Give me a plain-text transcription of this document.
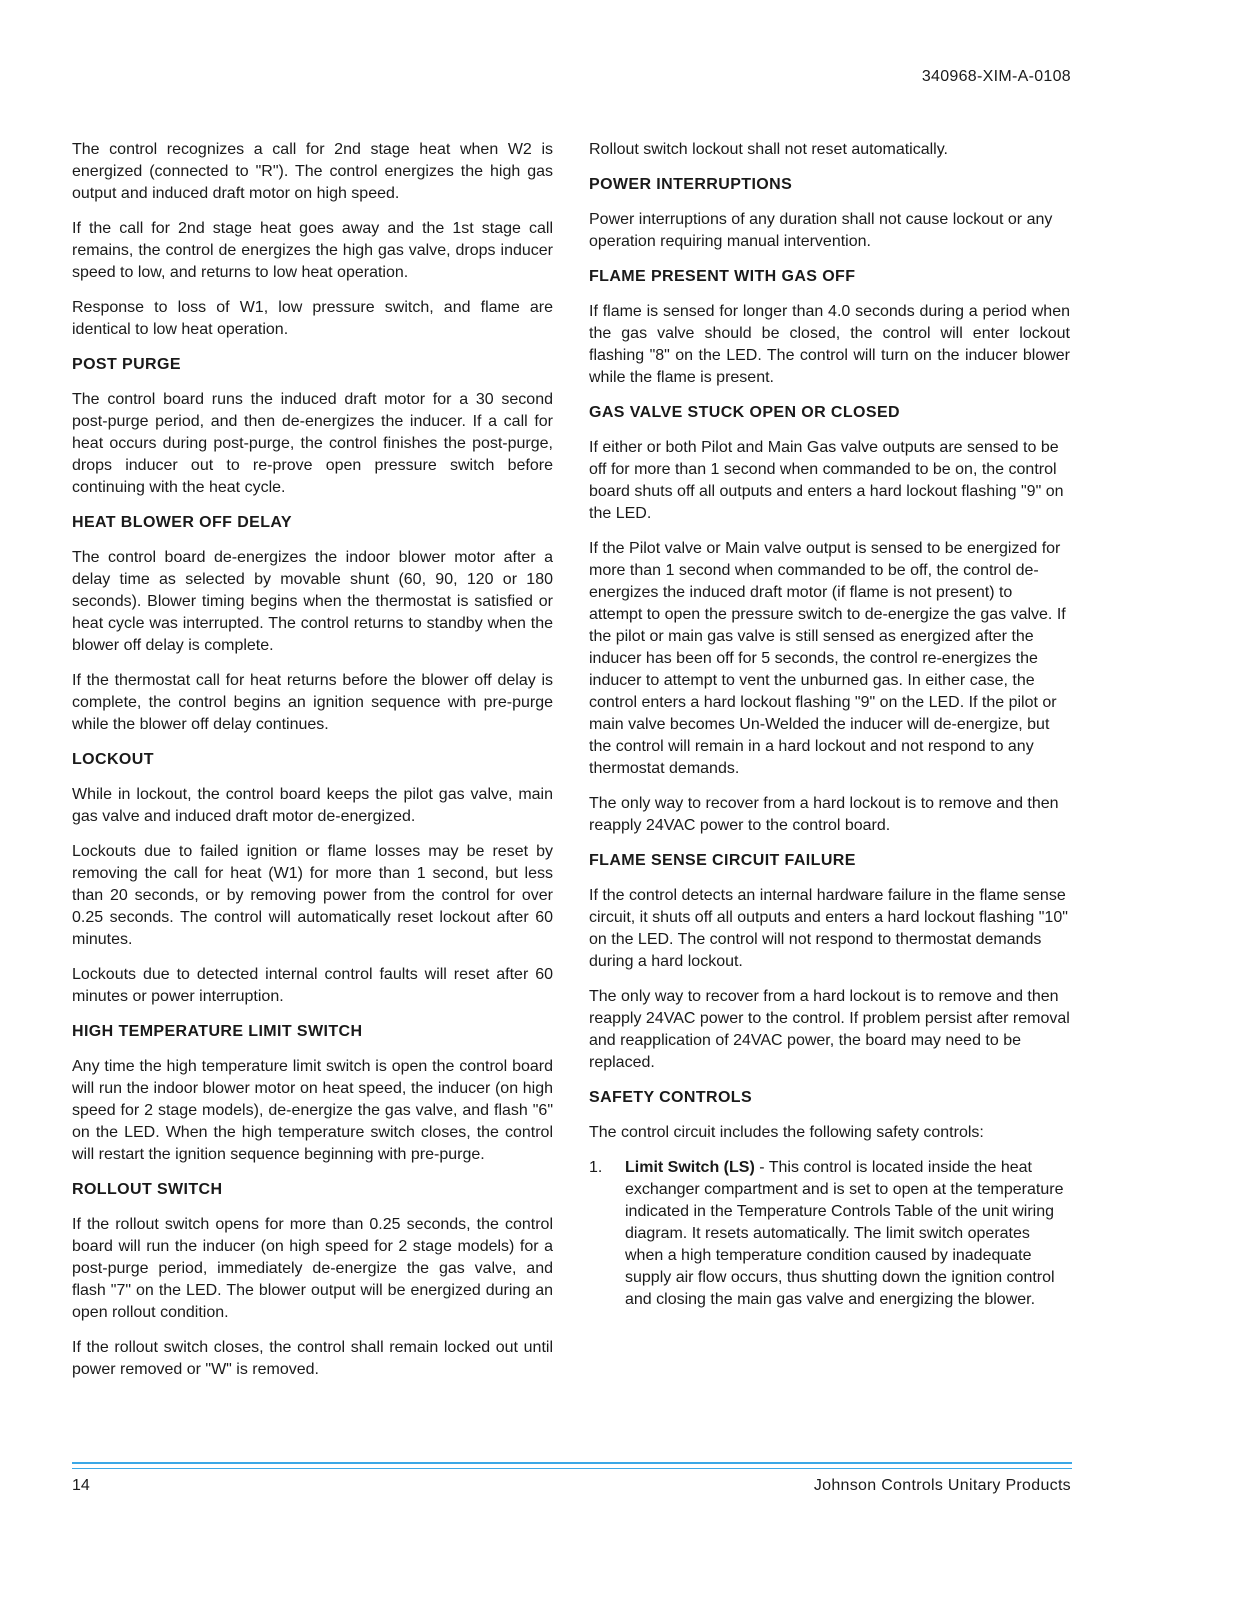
340968-XIM-A-0108

The control recognizes a call for 2nd stage heat when W2 is energized (connected to "R"). The control energizes the high gas output and induced draft motor on high speed.

If the call for 2nd stage heat goes away and the 1st stage call remains, the control de energizes the high gas valve, drops inducer speed to low, and returns to low heat operation.

Response to loss of W1, low pressure switch, and flame are identical to low heat operation.

POST PURGE

The control board runs the induced draft motor for a 30 second post-purge period, and then de-energizes the inducer. If a call for heat occurs during post-purge, the control finishes the post-purge, drops inducer out to re-prove open pressure switch before continuing with the heat cycle.

HEAT BLOWER OFF DELAY

The control board de-energizes the indoor blower motor after a delay time as selected by movable shunt (60, 90, 120 or 180 seconds). Blower timing begins when the thermostat is satisfied or heat cycle was interrupted. The control returns to standby when the blower off delay is complete.

If the thermostat call for heat returns before the blower off delay is complete, the control begins an ignition sequence with pre-purge while the blower off delay continues.

LOCKOUT

While in lockout, the control board keeps the pilot gas valve, main gas valve and induced draft motor de-energized.

Lockouts due to failed ignition or flame losses may be reset by removing the call for heat (W1) for more than 1 second, but less than 20 seconds, or by removing power from the control for over 0.25 seconds. The control will automatically reset lockout after 60 minutes.

Lockouts due to detected internal control faults will reset after 60 minutes or power interruption.

HIGH TEMPERATURE LIMIT SWITCH

Any time the high temperature limit switch is open the control board will run the indoor blower motor on heat speed, the inducer (on high speed for 2 stage models), de-energize the gas valve, and flash "6" on the LED. When the high temperature switch closes, the control will restart the ignition sequence beginning with pre-purge.

ROLLOUT SWITCH

If the rollout switch opens for more than 0.25 seconds, the control board will run the inducer (on high speed for 2 stage models) for a post-purge period, immediately de-energize the gas valve, and flash "7" on the LED. The blower output will be energized during an open rollout condition.

If the rollout switch closes, the control shall remain locked out until power removed or "W" is removed.

Rollout switch lockout shall not reset automatically.

POWER INTERRUPTIONS

Power interruptions of any duration shall not cause lockout or any operation requiring manual intervention.

FLAME PRESENT WITH GAS OFF

If flame is sensed for longer than 4.0 seconds during a period when the gas valve should be closed, the control will enter lockout flashing "8" on the LED. The control will turn on the inducer blower while the flame is present.

GAS VALVE STUCK OPEN OR CLOSED

If either or both Pilot and Main Gas valve outputs are sensed to be off for more than 1 second when commanded to be on, the control board shuts off all outputs and enters a hard lockout flashing "9" on the LED.

If the Pilot valve or Main valve output is sensed to be energized for more than 1 second when commanded to be off, the control de-energizes the induced draft motor (if flame is not present) to attempt to open the pressure switch to de-energize the gas valve. If the pilot or main gas valve is still sensed as energized after the inducer has been off for 5 seconds, the control re-energizes the inducer to attempt to vent the unburned gas. In either case, the control enters a hard lockout flashing "9" on the LED. If the pilot or main valve becomes Un-Welded the inducer will de-energize, but the control will remain in a hard lockout and not respond to any thermostat demands.

The only way to recover from a hard lockout is to remove and then reapply 24VAC power to the control board.

FLAME SENSE CIRCUIT FAILURE

If the control detects an internal hardware failure in the flame sense circuit, it shuts off all outputs and enters a hard lockout flashing "10" on the LED. The control will not respond to thermostat demands during a hard lockout.

The only way to recover from a hard lockout is to remove and then reapply 24VAC power to the control. If problem persist after removal and reapplication of 24VAC power, the board may need to be replaced.

SAFETY CONTROLS

The control circuit includes the following safety controls:

1.	Limit Switch (LS) - This control is located inside the heat exchanger compartment and is set to open at the temperature indicated in the Temperature Controls Table of the unit wiring diagram. It resets automatically. The limit switch operates when a high temperature condition caused by inadequate supply air flow occurs, thus shutting down the ignition control and closing the main gas valve and energizing the blower.
14	Johnson Controls Unitary Products
